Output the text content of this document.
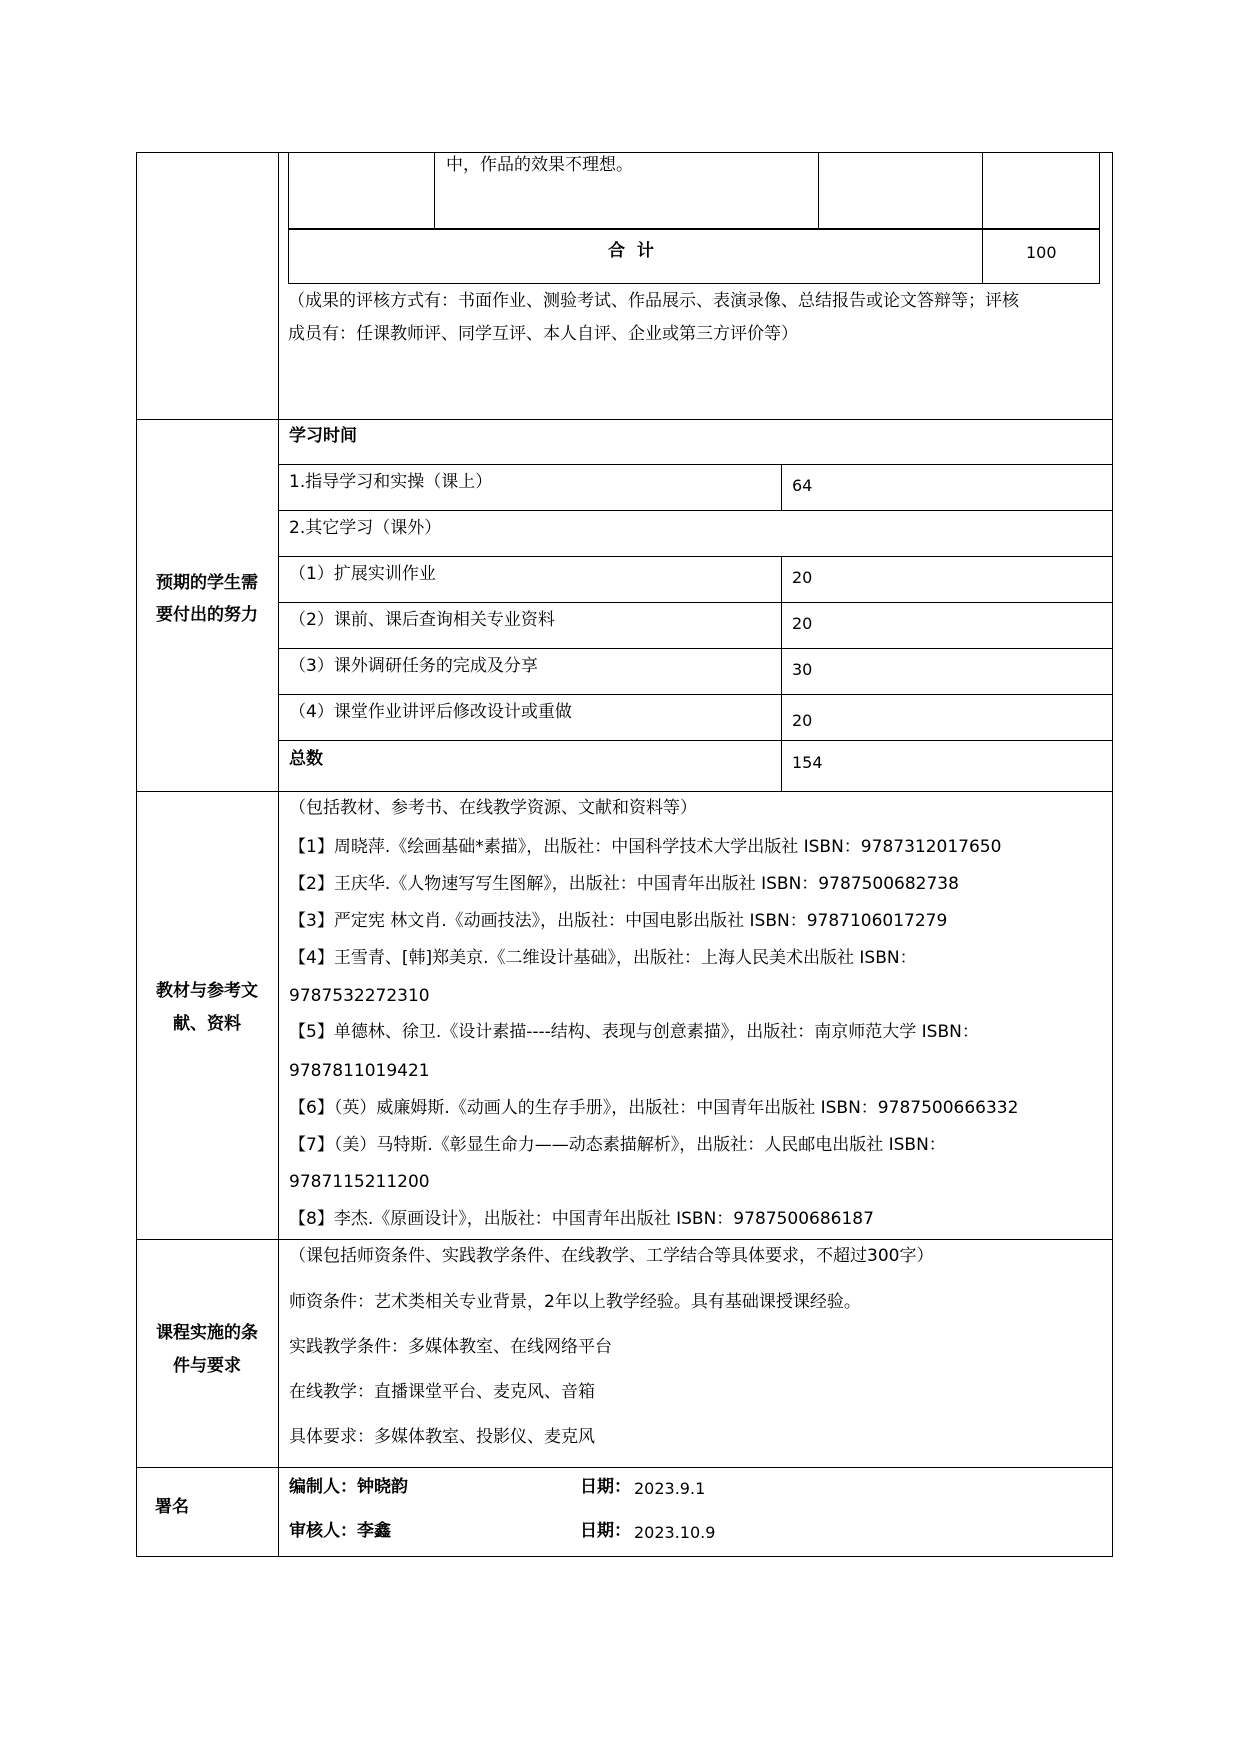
中，作品的效果不理想。
合  计	100
（成果的评核方式有：书面作业、测验考试、作品展示、表演录像、总结报告或论文答辩等；评核
成员有：任课教师评、同学互评、本人自评、企业或第三方评价等）
预期的学生需
要付出的努力
学习时间
1.指导学习和实操（课上）	64
2.其它学习（课外）
（1）扩展实训作业	20
（2）课前、课后查询相关专业资料	20
（3）课外调研任务的完成及分享	30
（4）课堂作业讲评后修改设计或重做	20
总数	154
教材与参考文
献、资料
（包括教材、参考书、在线教学资源、文献和资料等）
【1】周晓萍.《绘画基础*素描》，出版社：中国科学技术大学出版社 ISBN：9787312017650
【2】王庆华.《人物速写写生图解》，出版社：中国青年出版社 ISBN：9787500682738
【3】严定宪 林文肖.《动画技法》，出版社：中国电影出版社 ISBN：9787106017279
【4】王雪青、[韩]郑美京.《二维设计基础》，出版社：上海人民美术出版社 ISBN：
9787532272310
【5】单德林、徐卫.《设计素描----结构、表现与创意素描》，出版社：南京师范大学 ISBN：
9787811019421
【6】（英）威廉姆斯.《动画人的生存手册》，出版社：中国青年出版社 ISBN：9787500666332
【7】（美）马特斯.《彰显生命力——动态素描解析》，出版社：人民邮电出版社 ISBN：
9787115211200
【8】李杰.《原画设计》，出版社：中国青年出版社 ISBN：9787500686187
课程实施的条
件与要求
（课包括师资条件、实践教学条件、在线教学、工学结合等具体要求，不超过300字）
师资条件：艺术类相关专业背景，2年以上教学经验。具有基础课授课经验。
实践教学条件：多媒体教室、在线网络平台
在线教学：直播课堂平台、麦克风、音箱
具体要求：多媒体教室、投影仪、麦克风
署名
编制人：钟晓韵	日期： 2023.9.1
审核人：李鑫	日期： 2023.10.9
